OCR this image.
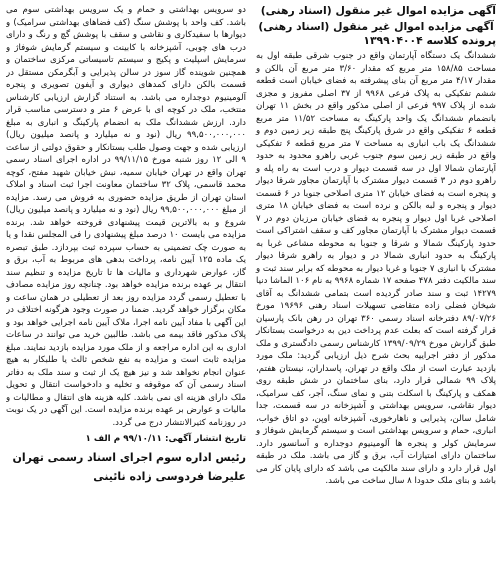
آگهی مزایده اموال غیر منقول (اسناد رهنی)
آگهی مزایده اموال غیر منقول (اسناد رهنی) پرونده کلاسه ۱۳۹۹۰۴۰۰۴

ششدانگ یک دستگاه آپارتمان واقع در جنوب شرقی طبقه اول به مساحت ۱۵۸/۸۵ متر مربع که مقدار ۳/۶۰ متر مربع آن بالکن و مقدار ۴/۱۷ متر مربع آن بنای پیشرفته به فضای خیابان است قطعه ششم تفکیکی به پلاک فرعی ۹۹۶۸ از ۳۷ اصلی مفروز و مجزی شده از پلاک ۹۹۷ فرعی از اصلی مذکور واقع در بخش ۱۱ تهران بانضمام ششدانگ یک واحد پارکینگ به مساحت ۱۱/۵۲ متر مربع قطعه ۶ تفکیکی واقع در شرق پارکینگ پنج طبقه زیر زمین دوم و ششدانگ یک باب انباری به مساحت ۷ متر مربع قطعه ۶ تفکیکی واقع در طبقه زیر زمین سوم جنوب غربی راهرو محدود به حدود آپارتمان شمالا اول در سه قسمت دیوار و درب است به راه پله و راهرو دوم در ۳ قسمت دیوار مشترک با آپارتمان مجاور شرقا دیوار و پنجره است به فضای خیابان ۱۲ متری اصلاحی جنوبا در ۶ قسمت دیوار و پنجره و لبه بالکن و نرده است به فضای خیابان ۱۸ متری اصلاحی غربا اول دیوار و پنجره به فضای خیابان مرزبان دوم در ۷ قسمت دیوار مشترک با آپارتمان مجاور کف و سقف اشتراکی است حدود پارکینگ شمالا و شرقا و جنوبا به محوطه مشاعی غربا به پارکینگ به حدود انباری شمالا در و دیوار به راهرو شرقا دیوار مشترک با انباری ۷ جنوبا و غربا دیوار به محوطه که برابر سند ثبت و سند مالکیت دفتر ۴۷۸ صفحه ۱۷ شماره ۹۹۶۸ به نام ۱۰۶ الماشا دنیا ۱۴۲۷۹ ثبت و سند صادر گردیده است بتمامی ششدانگ به آقای شیخان فضلی زاده متقاضی تسهیلات اسناد رهنی ۱۹۶۹۶ مورخ ۸۹/۰۷/۲۶ دفترخانه اسناد رسمی ۳۶۰ تهران در رهن بانک پارسیان قرار گرفته است که بعلت عدم پرداخت دین به درخواست بستانکار طبق گزارش مورخ ۱۳۹۹/۰۹/۲۹ کارشناس رسمی دادگستری و ملک مذکور از دفتر اجراییه بحث شرح ذیل ارزیابی گردید: ملک مورد بازدید عبارت است از ملک واقع در تهران، پاسداران، نیستان هفتم، پلاک ۹۹ شمالی قرار دارد، بنای ساختمان در شش طبقه روی همکف و پارکینگ با اسکلت بتنی و نمای سنگ، آجر، کف سرامیک، دیوار نقاشی، سرویس بهداشتی و آشپزخانه در سه قسمت، جدا شامل سالن، پذیرایی و ناهارخوری، آشپزخانه اوپن، دو اتاق خواب، انباری، حمام و سرویس بهداشتی است و سیستم گرمایش شوفاژ و سرمایش کولر و پنجره ها آلومینیوم دوجداره و آسانسور دارد. ساختمان دارای امتیازات آب، برق و گاز می باشد. ملک در طبقه اول قرار دارد و دارای سند مالکیت می باشد که دارای پایان کار می باشد و بنای ملک حدودا ۸ سال ساخت می باشد.

دو سرویس بهداشتی و حمام و یک سرویس بهداشتی سوم می باشد. کف واحد با پوشش سنگ (کف فضاهای بهداشتی سرامیک) و دیوارها با سفیدکاری و نقاشی و سقف با پوشش گچ و رنگ و دارای درب های چوبی، آشپزخانه با کابینت و سیستم گرمایش شوفاژ و سرمایش اسپلیت و پکیج و سیستم تاسیساتی مرکزی ساختمان و همچنین شوینده گاز سوز در سالن پذیرایی و آبگرمکن مستقل در قسمت بالکن دارای کمدهای دیواری و آیفون تصویری و پنجره آلومینیوم دوجداره می باشد. به استناد گزارش ارزیابی کارشناس منتخب، ملک در کوچه ای با عرض ۶ متر و دسترسی مناسب قرار دارد. ارزش ششدانگ ملک به انضمام پارکینگ و انباری به مبلغ ۹۹,۵۰۰,۰۰۰,۰۰۰ ریال (نود و نه میلیارد و پانصد میلیون ریال) ارزیابی شده و جهت وصول طلب بستانکار و حقوق دولتی از ساعت ۹ الی ۱۲ روز شنبه مورخ ۹۹/۱۱/۱۵ در اداره اجرای اسناد رسمی تهران واقع در تهران خیابان سمیه، نبش خیابان شهید مفتح، کوچه محمد قاسمی، پلاک ۳۲ ساختمان معاونت اجرا ثبت اسناد و املاک استان تهران از طریق مزایده حضوری به فروش می رسد. مزایده از مبلغ ۹۹,۵۰۰,۰۰۰,۰۰۰ ریال (نود و نه میلیارد و پانصد میلیون ریال) شروع و به بالاترین قیمت پیشنهادی فروخته خواهد شد. برنده مزایده می بایست ۱۰ درصد مبلغ پیشنهادی را فی المجلس نقدا و یا به صورت چک تضمینی به حساب سپرده ثبت بپردازد. طبق تبصره یک ماده ۱۲۵ آیین نامه، پرداخت بدهی های مربوط به آب، برق و گاز، عوارض شهرداری و مالیات ها تا تاریخ مزایده و تنظیم سند انتقال بر عهده برنده مزایده خواهد بود. چنانچه روز مزایده مصادف با تعطیل رسمی گردد مزایده روز بعد از تعطیلی در همان ساعت و مکان برگزار خواهد گردید. ضمنا در صورت وجود هرگونه اختلاف در این آگهی با مفاد آیین نامه اجرا، ملاک آیین نامه اجرایی خواهد بود و پلاک مذکور فاقد بیمه می باشد. طالبین خرید می توانند در ساعات اداری به این اداره مراجعه و از ملک مورد مزایده بازدید نمایند. مبلغ مزایده ثابت است و مزایده به نفع شخص ثالث یا طلبکار به هیچ عنوان انجام نخواهد شد و نیز هیچ یک از ثبت و سند ملک به دفاتر اسناد رسمی آن که موقوفه و تخلیه و دادخواست انتقال و تحویل ملک دارای هزینه ای نمی باشد. کلیه هزینه های انتقال و مطالبات و مالیات و عوارض بر عهده برنده مزایده است. این آگهی در یک نوبت در روزنامه کثیرالانتشار درج می گردد.

تاریخ انتشار آگهی: ۹۹/۱۰/۱۱ م الف ۱
رئیس اداره سوم اجرای اسناد رسمی تهران
علیرضا فردوسی زاده نائینی
